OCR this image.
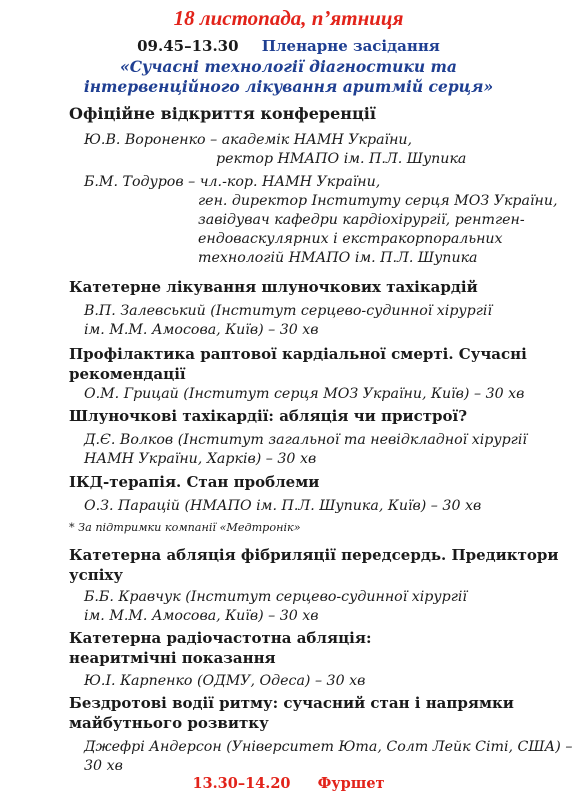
18 листопада, п’ятниця
09.45–13.30 Пленарне засідання
«Сучасні технології діагностики та
інтервенційного лікування аритмій серця»
Офіційне відкриття конференції
Ю.В. Вороненко – академік НАМН України,
ректор НМАПО ім. П.Л. Шупика
Б.М. Тодуров – чл.-кор. НАМН України,
ген. директор Інституту серця МОЗ України,
завідувач кафедри кардіохірургії, рентген-
ендоваскулярних і екстракорпоральних
технологій НМАПО ім. П.Л. Шупика
Катетерне лікування шлуночкових тахікардій
В.П. Залевський (Інститут серцево-судинної хірургії
ім. М.М. Амосова, Київ) – 30 хв
Профілактика раптової кардіальної смерті. Сучасні
рекомендації
О.М. Грицай (Інститут серця МОЗ України, Київ) – 30 хв
Шлуночкові тахікардії: абляція чи пристрої?
Д.Є. Волков (Інститут загальної та невідкладної хірургії
НАМН України, Харків) – 30 хв
ІКД-терапія. Стан проблеми
О.З. Парацій (НМАПО ім. П.Л. Шупика, Київ) – 30 хв
* За підтримки компанії «Медтронік»
Катетерна абляція фібриляції передсердь. Предиктори
успіху
Б.Б. Кравчук (Інститут серцево-судинної хірургії
ім. М.М. Амосова, Київ) – 30 хв
Катетерна радіочастотна абляція:
неаритмічні показання
Ю.І. Карпенко (ОДМУ, Одеса) – 30 хв
Бездротові водії ритму: сучасний стан і напрямки
майбутнього розвитку
Джефрі Андерсон (Університет Юта, Солт Лейк Сіті, США) –
30 хв
13.30–14.20 Фуршет
